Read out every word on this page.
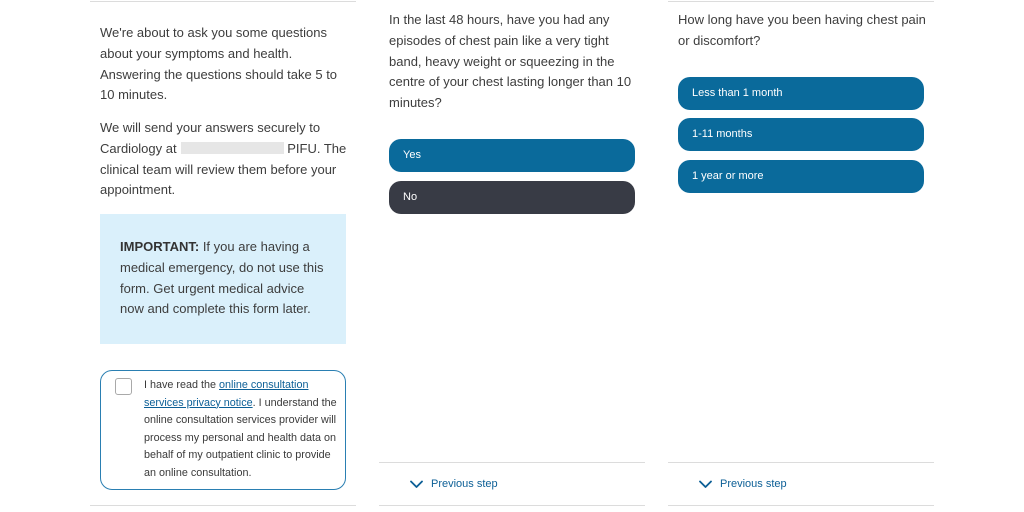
We're about to ask you some questions about your symptoms and health. Answering the questions should take 5 to 10 minutes.

We will send your answers securely to Cardiology at	PIFU. The clinical team will review them before your appointment.

IMPORTANT: If you are having a medical emergency, do not use this form. Get urgent medical advice now and complete this form later.
I have read the online consultation services privacy notice. I understand the online consultation services provider will process my personal and health data on behalf of my outpatient clinic to provide an online consultation.

In the last 48 hours, have you had any episodes of chest pain like a very tight band, heavy weight or squeezing in the centre of your chest lasting longer than 10 minutes?

Yes
No
Previous step

How long have you been having chest pain or discomfort?

Less than 1 month
1-11 months
1 year or more
Previous step
